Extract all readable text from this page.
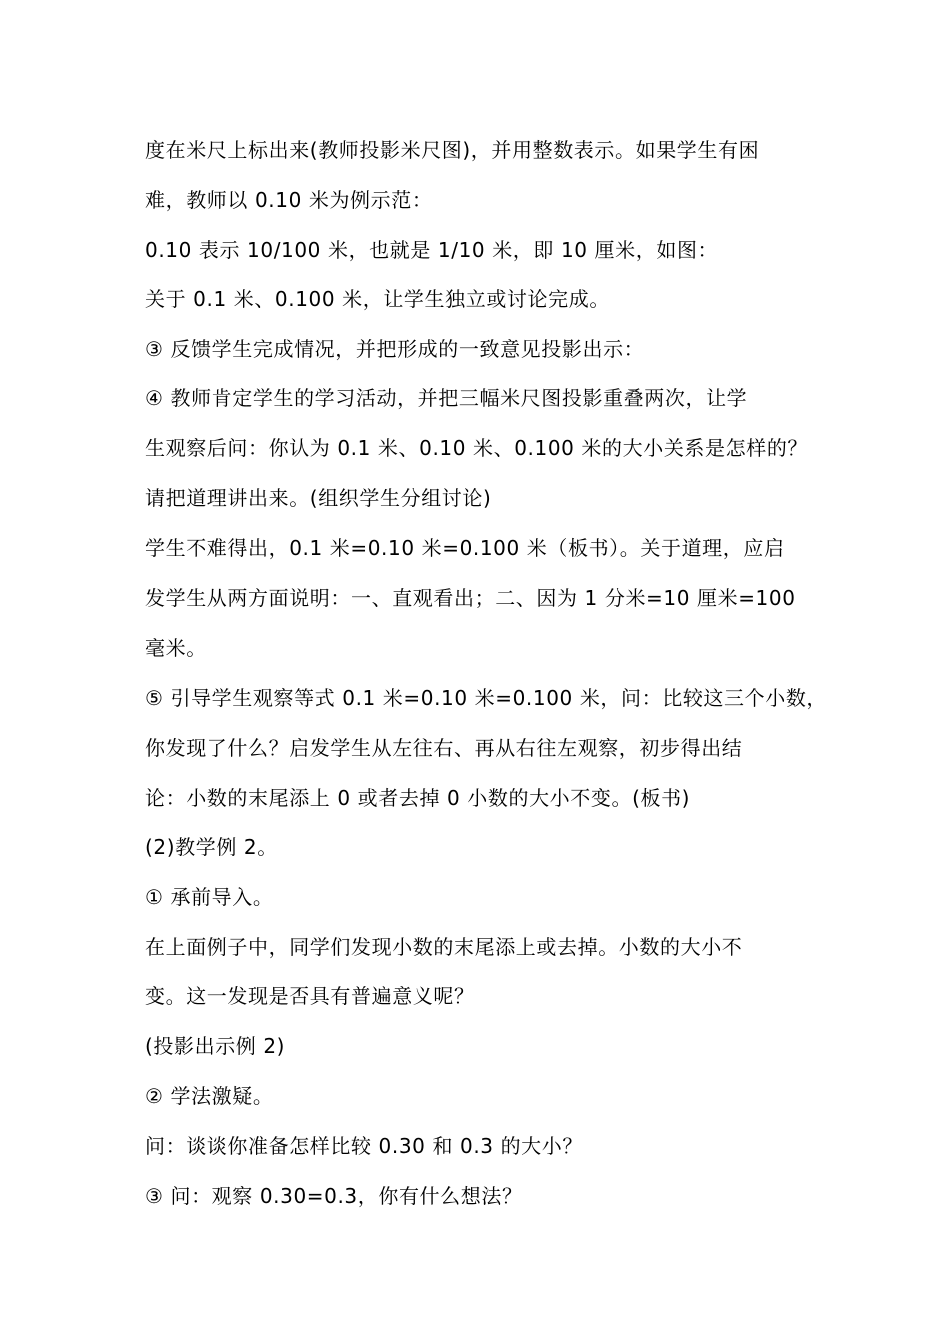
度在米尺上标出来(教师投影米尺图)，并用整数表示。如果学生有困
难，教师以 0.10 米为例示范：
0.10 表示 10/100 米，也就是 1/10 米，即 10 厘米，如图：
关于 0.1 米、0.100 米，让学生独立或讨论完成。
③ 反馈学生完成情况，并把形成的一致意见投影出示：
④ 教师肯定学生的学习活动，并把三幅米尺图投影重叠两次，让学
生观察后问：你认为 0.1 米、0.10 米、0.100 米的大小关系是怎样的？
请把道理讲出来。(组织学生分组讨论)
学生不难得出，0.1 米=0.10 米=0.100 米（板书）。关于道理，应启
发学生从两方面说明：一、直观看出；二、因为 1 分米=10 厘米=100
毫米。
⑤ 引导学生观察等式 0.1 米=0.10 米=0.100 米，问：比较这三个小数，
你发现了什么？启发学生从左往右、再从右往左观察，初步得出结
论：小数的末尾添上 0 或者去掉 0 小数的大小不变。(板书)
(2)教学例 2。
① 承前导入。
在上面例子中，同学们发现小数的末尾添上或去掉。小数的大小不
变。这一发现是否具有普遍意义呢？
(投影出示例 2)
② 学法激疑。
问：谈谈你准备怎样比较 0.30 和 0.3 的大小？
③ 问：观察 0.30=0.3，你有什么想法？
